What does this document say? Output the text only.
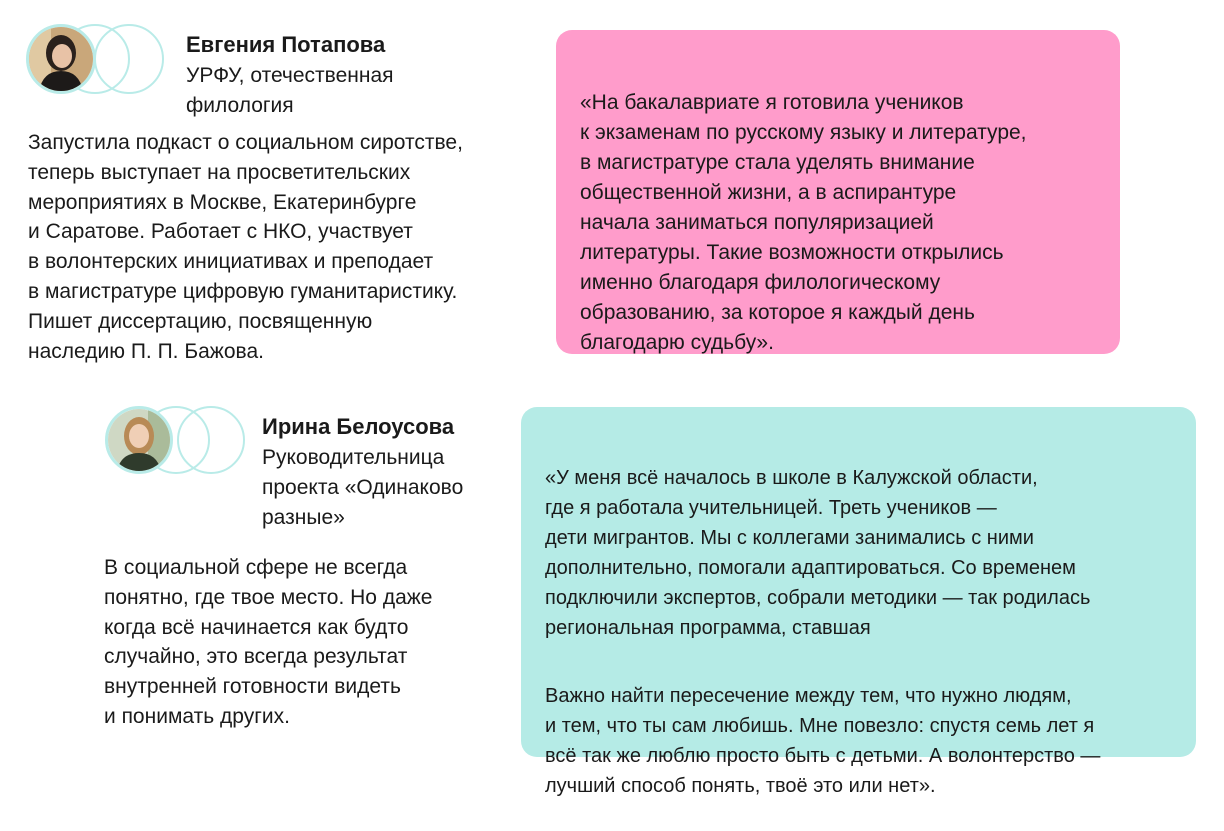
Евгения Потапова
УРФУ, отечественная
филология
Запустила подкаст о социальном сиротстве,
теперь выступает на просветительских
мероприятиях в Москве, Екатеринбурге
и Саратове. Работает с НКО, участвует
в волонтерских инициативах и преподает
в магистратуре цифровую гуманитаристику.
Пишет диссертацию, посвященную
наследию П. П. Бажова.

«На бакалавриате я готовила учеников
к экзаменам по русскому языку и литературе,
в магистратуре стала уделять внимание
общественной жизни, а в аспирантуре
начала заниматься популяризацией
литературы. Такие возможности открылись
именно благодаря филологическому
образованию, за которое я каждый день
благодарю судьбу».

Ирина Белоусова
Руководительница
проекта «Одинаково
разные»
В социальной сфере не всегда
понятно, где твое место. Но даже
когда всё начинается как будто
случайно, это всегда результат
внутренней готовности видеть
и понимать других.

«У меня всё началось в школе в Калужской области,
где я работала учительницей. Треть учеников —
дети мигрантов. Мы с коллегами занимались с ними
дополнительно, помогали адаптироваться. Со временем
подключили экспертов, собрали методики — так родилась
региональная программа, ставшая

Важно найти пересечение между тем, что нужно людям,
и тем, что ты сам любишь. Мне повезло: спустя семь лет я
всё так же люблю просто быть с детьми. А волонтерство —
лучший способ понять, твоё это или нет».
